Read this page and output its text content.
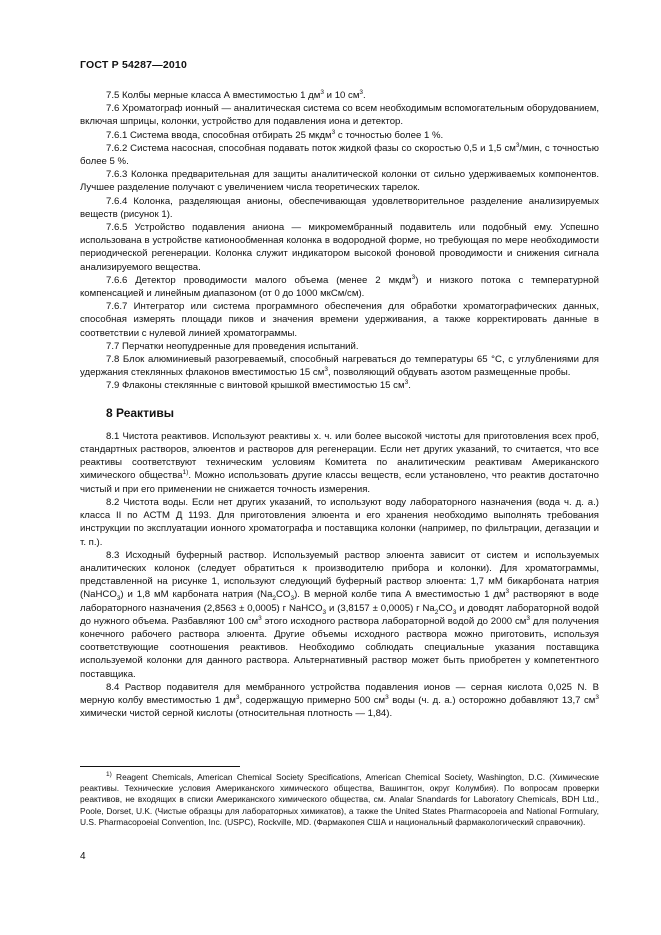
ГОСТ Р 54287—2010

7.5 Колбы мерные класса А вместимостью 1 $дм^3$ и 10 $см^3$.

7.6 Хроматограф ионный — аналитическая система со всем необходимым вспомогательным оборудованием, включая шприцы, колонки, устройство для подавления иона и детектор.

7.6.1 Система ввода, способная отбирать 25 мкдм$^3$ с точностью более 1 %.

7.6.2 Система насосная, способная подавать поток жидкой фазы со скоростью 0,5 и 1,5 $см^3$/мин, с точностью более 5 %.

7.6.3 Колонка предварительная для защиты аналитической колонки от сильно удерживаемых компонентов. Лучшее разделение получают с увеличением числа теоретических тарелок.

7.6.4 Колонка, разделяющая анионы, обеспечивающая удовлетворительное разделение анализируемых веществ (рисунок 1).

7.6.5 Устройство подавления аниона — микромембранный подавитель или подобный ему. Успешно использована в устройстве катионообменная колонка в водородной форме, но требующая по мере необходимости периодической регенерации. Колонка служит индикатором высокой фоновой проводимости и снижения сигнала анализируемого вещества.

7.6.6 Детектор проводимости малого объема (менее 2 мкдм$^3$) и низкого потока с температурной компенсацией и линейным диапазоном (от 0 до 1000 мкСм/см).

7.6.7 Интегратор или система программного обеспечения для обработки хроматографических данных, способная измерять площади пиков и значения времени удерживания, а также корректировать данные в соответствии с нулевой линией хроматограммы.

7.7 Перчатки неопудренные для проведения испытаний.

7.8 Блок алюминиевый разогреваемый, способный нагреваться до температуры 65 °С, с углублениями для удержания стеклянных флаконов вместимостью 15 $см^3$, позволяющий обдувать азотом размещенные пробы.

7.9 Флаконы стеклянные с винтовой крышкой вместимостью 15 $см^3$.

8 Реактивы

8.1 Чистота реактивов. Используют реактивы х. ч. или более высокой чистоты для приготовления всех проб, стандартных растворов, элюентов и растворов для регенерации. Если нет других указаний, то считается, что все реактивы соответствуют техническим условиям Комитета по аналитическим реактивам Американского химического общества$^{1)}$. Можно использовать другие классы веществ, если установлено, что реактив достаточно чистый и при его применении не снижается точность измерения.

8.2 Чистота воды. Если нет других указаний, то используют воду лабораторного назначения (вода ч. д. а.) класса II по АСТМ Д 1193. Для приготовления элюента и его хранения необходимо выполнять требования инструкции по эксплуатации ионного хроматографа и поставщика колонки (например, по фильтрации, дегазации и т. п.).

8.3 Исходный буферный раствор. Используемый раствор элюента зависит от систем и используемых аналитических колонок (следует обратиться к производителю прибора и колонки). Для хроматограммы, представленной на рисунке 1, используют следующий буферный раствор элюента: 1,7 мМ бикарбоната натрия (NaHCO$_3$) и 1,8 мМ карбоната натрия $(Na_2CO_3)$. В мерной колбе типа А вместимостью 1 $дм^3$ растворяют в воде лабораторного назначения (2,8563 ± 0,0005) г NaHCO$_3$ и (3,8157 ± 0,0005) г $Na_2CO_3$ и доводят лабораторной водой до нужного объема. Разбавляют 100 $см^3$ этого исходного раствора лабораторной водой до 2000 $см^3$ для получения конечного рабочего раствора элюента. Другие объемы исходного раствора можно приготовить, используя соответствующие соотношения реактивов. Необходимо соблюдать специальные указания поставщика используемой колонки для данного раствора. Альтернативный раствор может быть приобретен у компетентного поставщика.

8.4 Раствор подавителя для мембранного устройства подавления ионов — серная кислота 0,025 N. В мерную колбу вместимостью 1 $дм^3$, содержащую примерно 500 $см^3$ воды (ч. д. а.) осторожно добавляют 13,7 $см^3$ химически чистой серной кислоты (относительная плотность — 1,84).

$^{1)}$ Reagent Chemicals, American Chemical Society Specifications, American Chemical Society, Washington, D.C. (Химические реактивы. Технические условия Американского химического общества, Вашингтон, округ Колумбия). По вопросам проверки реактивов, не входящих в списки Американского химического общества, см. Analar Snandards for Laboratory Chemicals, BDH Ltd., Poole, Dorset, U.K. (Чистые образцы для лабораторных химикатов), а также the United States Pharmacopoeia and National Formulary, U.S. Pharmacopoeial Convention, Inc. (USPC), Rockville, MD. (Фармакопея США и национальный фармакологический справочник).

4
